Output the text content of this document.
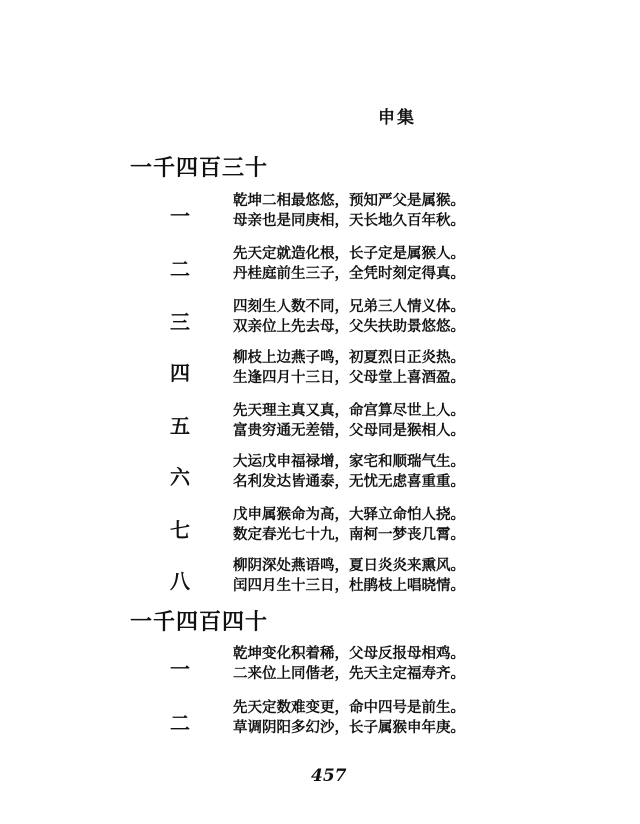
申集
一千四百三十
一
乾坤二相最悠悠，预知严父是属猴。
母亲也是同庚相，天长地久百年秋。
二
先天定就造化根，长子定是属猴人。
丹桂庭前生三子，全凭时刻定得真。
三
四刻生人数不同，兄弟三人情义体。
双亲位上先去母，父失扶助景悠悠。
四
柳枝上边燕子鸣，初夏烈日正炎热。
生逢四月十三日，父母堂上喜酒盈。
五
先天理主真又真，命宫算尽世上人。
富贵穷通无差错，父母同是猴相人。
六
大运戊申福禄增，家宅和顺瑞气生。
名利发达皆通泰，无忧无虑喜重重。
七
戊申属猴命为高，大驿立命怕人挠。
数定春光七十九，南柯一梦丧几霄。
八
柳阴深处燕语鸣，夏日炎炎来熏风。
闰四月生十三日，杜鹃枝上唱晓情。
一千四百四十
一
乾坤变化积着稀，父母反报母相鸡。
二来位上同偕老，先天主定福寿齐。
二
先天定数难变更，命中四号是前生。
草调阴阳多幻沙，长子属猴申年庚。
457
